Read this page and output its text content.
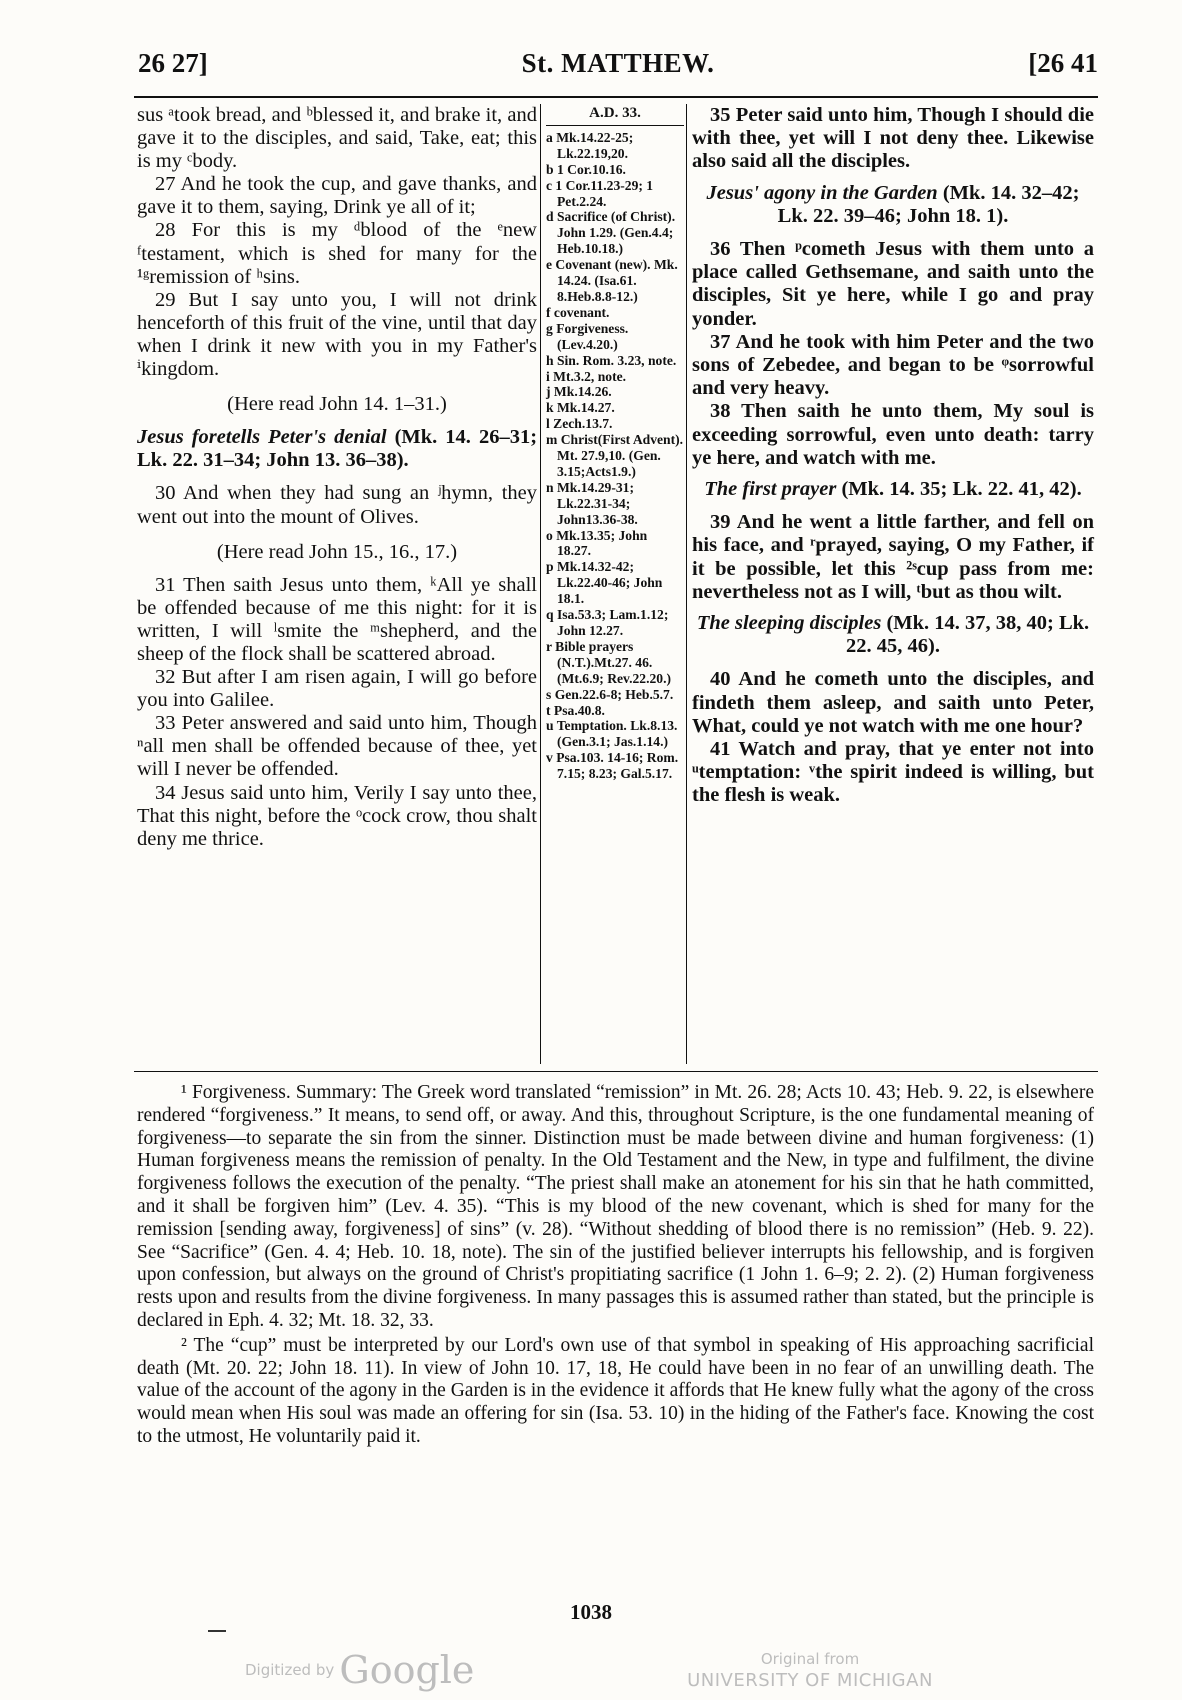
26 27]	St. MATTHEW.	[26 41

sus ᵃtook bread, and ᵇblessed it, and brake it, and gave it to the disciples, and said, Take, eat; this is my ᶜbody.

27 And he took the cup, and gave thanks, and gave it to them, saying, Drink ye all of it;

28 For this is my ᵈblood of the ᵉnew ᶠtestament, which is shed for many for the ¹ᵍremission of ʰsins.

29 But I say unto you, I will not drink henceforth of this fruit of the vine, until that day when I drink it new with you in my Father's ⁱkingdom.

(Here read John 14. 1–31.)

Jesus foretells Peter's denial (Mk. 14. 26–31; Lk. 22. 31–34; John 13. 36–38).

30 And when they had sung an ʲhymn, they went out into the mount of Olives.

(Here read John 15., 16., 17.)

31 Then saith Jesus unto them, ᵏAll ye shall be offended because of me this night: for it is written, I will ˡsmite the ᵐshepherd, and the sheep of the flock shall be scattered abroad.

32 But after I am risen again, I will go before you into Galilee.

33 Peter answered and said unto him, Though ⁿall men shall be offended because of thee, yet will I never be offended.

34 Jesus said unto him, Verily I say unto thee, That this night, before the ᵒcock crow, thou shalt deny me thrice.

A.D. 33.
a Mk.14.22-25; Lk.22.19,20.
b 1 Cor.10.16.
c 1 Cor.11.23-29; 1 Pet.2.24.
d Sacrifice (of Christ). John 1.29. (Gen.4.4; Heb.10.18.)
e Covenant (new). Mk. 14.24. (Isa.61. 8.Heb.8.8-12.)
f covenant.
g Forgiveness. (Lev.4.20.)
h Sin. Rom. 3.23, note.
i Mt.3.2, note.
j Mk.14.26.
k Mk.14.27.
l Zech.13.7.
m Christ(First Advent). Mt. 27.9,10. (Gen. 3.15;Acts1.9.)
n Mk.14.29-31; Lk.22.31-34; John13.36-38.
o Mk.13.35; John 18.27.
p Mk.14.32-42; Lk.22.40-46; John 18.1.
q Isa.53.3; Lam.1.12; John 12.27.
r Bible prayers (N.T.).Mt.27. 46. (Mt.6.9; Rev.22.20.)
s Gen.22.6-8; Heb.5.7.
t Psa.40.8.
u Temptation. Lk.8.13. (Gen.3.1; Jas.1.14.)
v Psa.103. 14-16; Rom. 7.15; 8.23; Gal.5.17.

35 Peter said unto him, Though I should die with thee, yet will I not deny thee. Likewise also said all the disciples.

Jesus' agony in the Garden (Mk. 14. 32–42; Lk. 22. 39–46; John 18. 1).

36 Then ᵖcometh Jesus with them unto a place called Gethsemane, and saith unto the disciples, Sit ye here, while I go and pray yonder.

37 And he took with him Peter and the two sons of Zebedee, and began to be ᵠsorrowful and very heavy.

38 Then saith he unto them, My soul is exceeding sorrowful, even unto death: tarry ye here, and watch with me.

The first prayer (Mk. 14. 35; Lk. 22. 41, 42).

39 And he went a little farther, and fell on his face, and ʳprayed, saying, O my Father, if it be possible, let this ²ˢcup pass from me: nevertheless not as I will, ᵗbut as thou wilt.

The sleeping disciples (Mk. 14. 37, 38, 40; Lk. 22. 45, 46).

40 And he cometh unto the disciples, and findeth them asleep, and saith unto Peter, What, could ye not watch with me one hour?

41 Watch and pray, that ye enter not into ᵘtemptation: ᵛthe spirit indeed is willing, but the flesh is weak.

¹ Forgiveness. Summary: The Greek word translated “remission” in Mt. 26. 28; Acts 10. 43; Heb. 9. 22, is elsewhere rendered “forgiveness.” It means, to send off, or away. And this, throughout Scripture, is the one fundamental meaning of forgiveness—to separate the sin from the sinner. Distinction must be made between divine and human forgiveness: (1) Human forgiveness means the remission of penalty. In the Old Testament and the New, in type and fulfilment, the divine forgiveness follows the execution of the penalty. “The priest shall make an atonement for his sin that he hath committed, and it shall be forgiven him” (Lev. 4. 35). “This is my blood of the new covenant, which is shed for many for the remission [sending away, forgiveness] of sins” (v. 28). “Without shedding of blood there is no remission” (Heb. 9. 22). See “Sacrifice” (Gen. 4. 4; Heb. 10. 18, note). The sin of the justified believer interrupts his fellowship, and is forgiven upon confession, but always on the ground of Christ's propitiating sacrifice (1 John 1. 6–9; 2. 2). (2) Human forgiveness rests upon and results from the divine forgiveness. In many passages this is assumed rather than stated, but the principle is declared in Eph. 4. 32; Mt. 18. 32, 33.

² The “cup” must be interpreted by our Lord's own use of that symbol in speaking of His approaching sacrificial death (Mt. 20. 22; John 18. 11). In view of John 10. 17, 18, He could have been in no fear of an unwilling death. The value of the account of the agony in the Garden is in the evidence it affords that He knew fully what the agony of the cross would mean when His soul was made an offering for sin (Isa. 53. 10) in the hiding of the Father's face. Knowing the cost to the utmost, He voluntarily paid it.

1038
Digitized by Google	Original from
UNIVERSITY OF MICHIGAN
